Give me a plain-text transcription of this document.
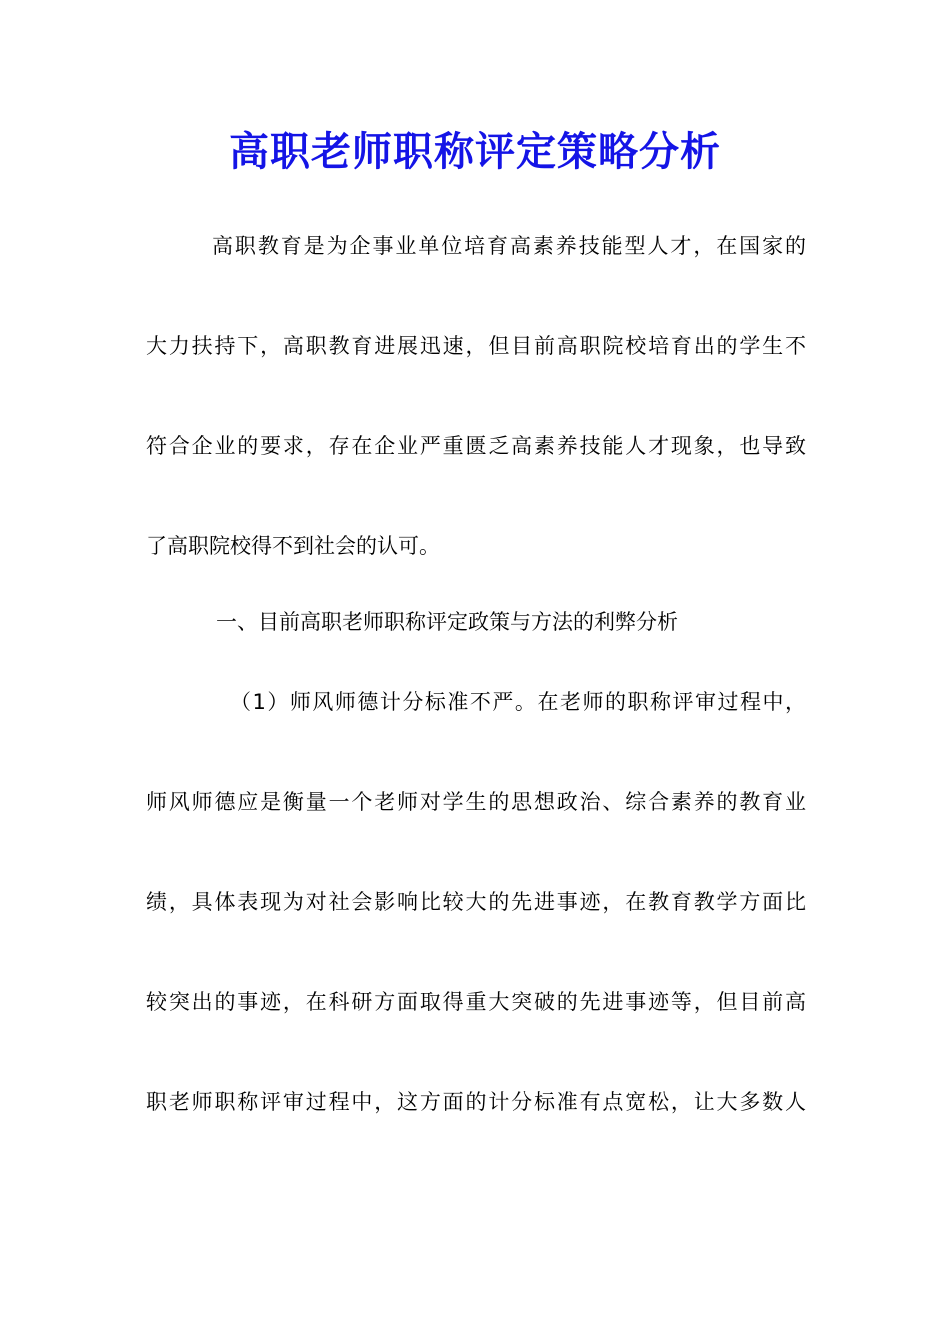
高职老师职称评定策略分析
高职教育是为企事业单位培育高素养技能型人才，在国家的
大力扶持下，高职教育进展迅速，但目前高职院校培育出的学生不
符合企业的要求，存在企业严重匮乏高素养技能人才现象，也导致
了高职院校得不到社会的认可。
一、目前高职老师职称评定政策与方法的利弊分析
（1）师风师德计分标准不严。在老师的职称评审过程中，
师风师德应是衡量一个老师对学生的思想政治、综合素养的教育业
绩，具体表现为对社会影响比较大的先进事迹，在教育教学方面比
较突出的事迹，在科研方面取得重大突破的先进事迹等，但目前高
职老师职称评审过程中，这方面的计分标准有点宽松，让大多数人
